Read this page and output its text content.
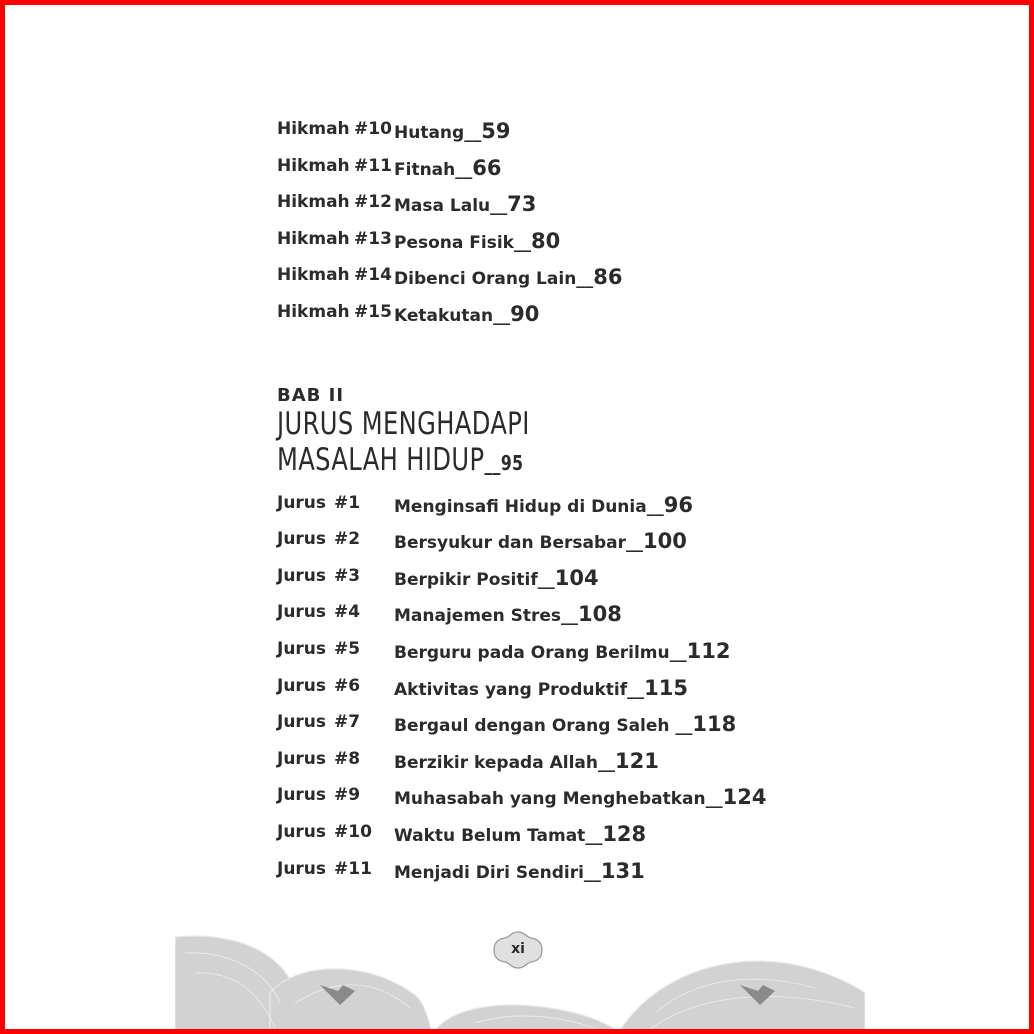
Hikmah #10 Hutang__59
Hikmah #11 Fitnah__66
Hikmah #12 Masa Lalu__73
Hikmah #13 Pesona Fisik__80
Hikmah #14 Dibenci Orang Lain__86
Hikmah #15 Ketakutan__90
BAB II
JURUS MENGHADAPI
MASALAH HIDUP__95
Jurus #1 Menginsafi Hidup di Dunia__96
Jurus #2 Bersyukur dan Bersabar__100
Jurus #3 Berpikir Positif__104
Jurus #4 Manajemen Stres__108
Jurus #5 Berguru pada Orang Berilmu__112
Jurus #6 Aktivitas yang Produktif__115
Jurus #7 Bergaul dengan Orang Saleh __118
Jurus #8 Berzikir kepada Allah__121
Jurus #9 Muhasabah yang Menghebatkan__124
Jurus #10 Waktu Belum Tamat__128
Jurus #11 Menjadi Diri Sendiri__131
xi
